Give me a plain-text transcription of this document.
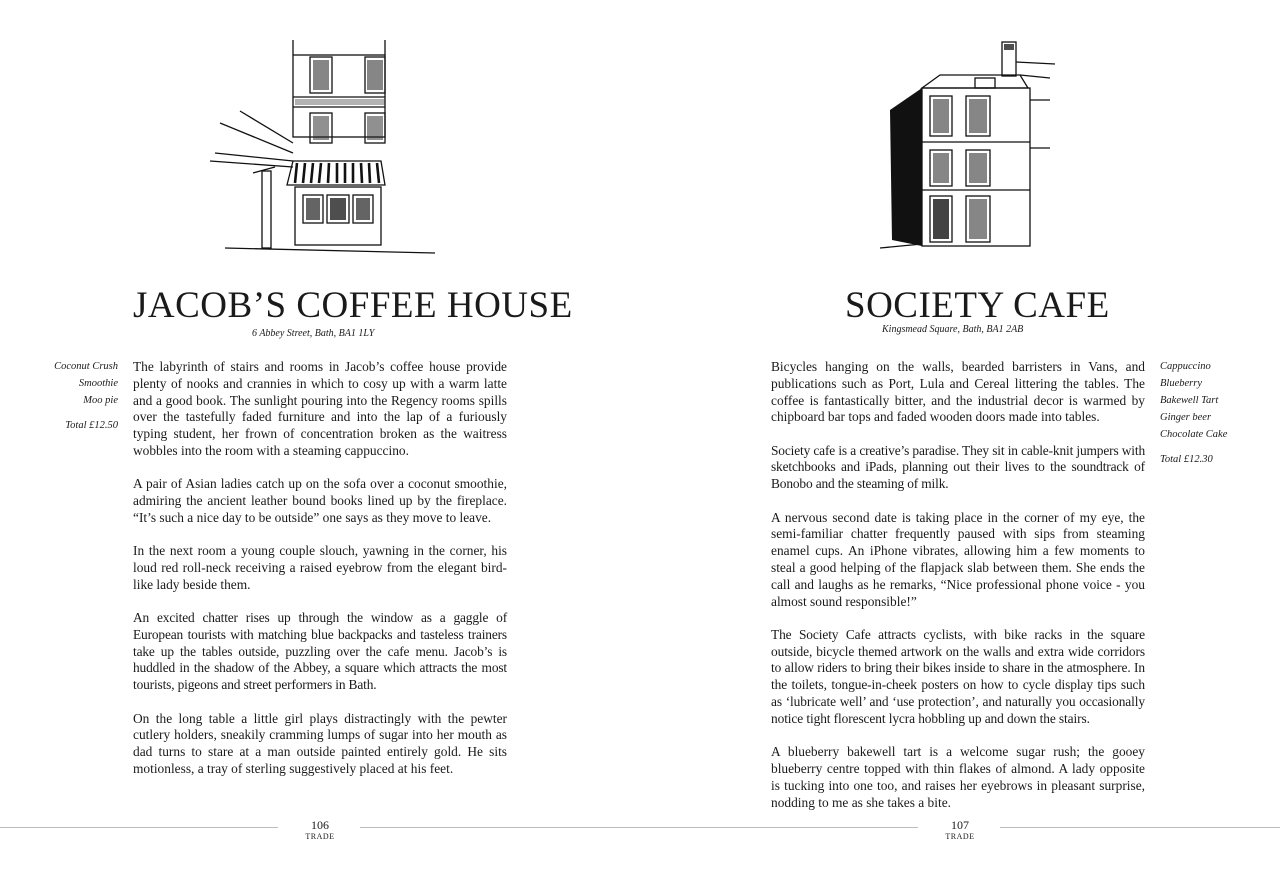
JACOB’S COFFEE HOUSE
6 Abbey Street, Bath, BA1 1LY
Coconut Crush
Smoothie
Moo pie
Total £12.50

The labyrinth of stairs and rooms in Jacob’s coffee house provide plenty of nooks and crannies in which to cosy up with a warm latte and a good book. The sunlight pouring into the Regency rooms spills over the tastefully faded furniture and into the lap of a furiously typing student, her frown of concentration broken as the waitress wobbles into the room with a steaming cappuccino.

A pair of Asian ladies catch up on the sofa over a coconut smoothie, admiring the ancient leather bound books lined up by the fireplace. “It’s such a nice day to be outside” one says as they move to leave.

In the next room a young couple slouch, yawning in the corner, his loud red roll-neck receiving a raised eyebrow from the elegant bird-like lady beside them.

An excited chatter rises up through the window as a gaggle of European tourists with matching blue backpacks and tasteless trainers take up the tables outside, puzzling over the cafe menu. Jacob’s is huddled in the shadow of the Abbey, a square which attracts the most tourists, pigeons and street performers in Bath.

On the long table a little girl plays distractingly with the pewter cutlery holders, sneakily cramming lumps of sugar into her mouth as dad turns to stare at a man outside painted entirely gold. He sits motionless, a tray of sterling suggestively placed at his feet.

106
TRADE
SOCIETY CAFE
Kingsmead Square, Bath, BA1 2AB

Bicycles hanging on the walls, bearded barristers in Vans, and publications such as Port, Lula and Cereal littering the tables. The coffee is fantastically bitter, and the industrial decor is warmed by chipboard bar tops and faded wooden doors made into tables.

Society cafe is a creative’s paradise. They sit in cable-knit jumpers with sketchbooks and iPads, planning out their lives to the soundtrack of Bonobo and the steaming of milk.

A nervous second date is taking place in the corner of my eye, the semi-familiar chatter frequently paused with sips from steaming enamel cups. An iPhone vibrates, allowing him a few moments to steal a good helping of the flapjack slab between them. She ends the call and laughs as he remarks, “Nice professional phone voice - you almost sound responsible!”

The Society Cafe attracts cyclists, with bike racks in the square outside, bicycle themed artwork on the walls and extra wide corridors to allow riders to bring their bikes inside to share in the atmosphere. In the toilets, tongue-in-cheek posters on how to cycle display tips such as ‘lubricate well’ and ‘use protection’, and naturally you occasionally notice tight florescent lycra hobbling up and down the stairs.

A blueberry bakewell tart is a welcome sugar rush; the gooey blueberry centre topped with thin flakes of almond. A lady opposite is tucking into one too, and raises her eyebrows in pleasant surprise, nodding to me as she takes a bite.

107
TRADE
Cappuccino
Blueberry
Bakewell Tart
Ginger beer
Chocolate Cake
Total £12.30
